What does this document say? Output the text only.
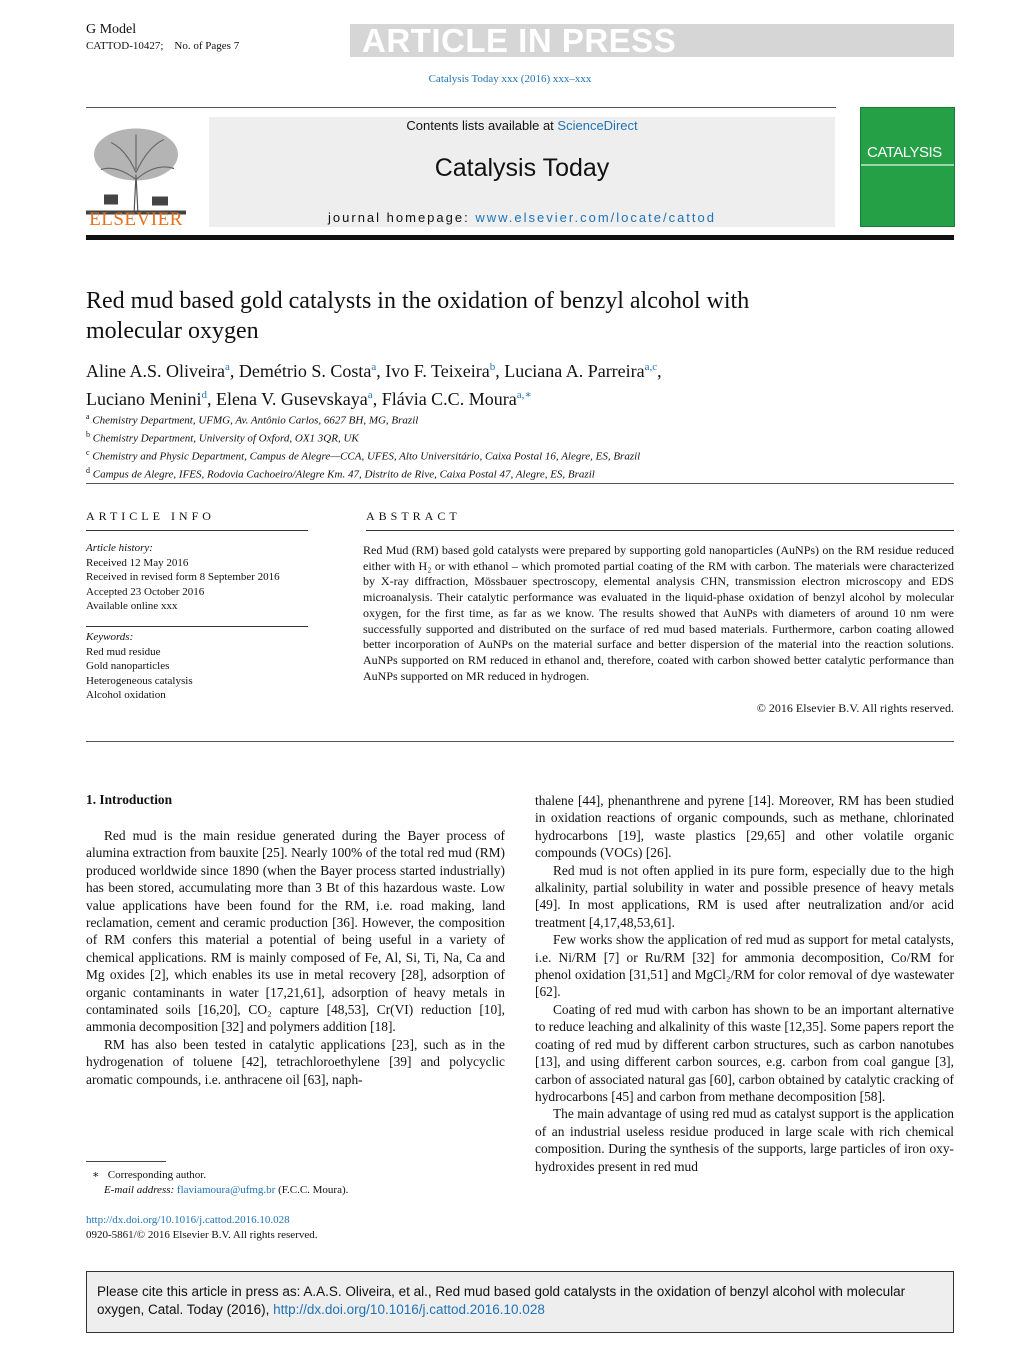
G Model
CATTOD-10427; No. of Pages 7	ARTICLE IN PRESS
Catalysis Today xxx (2016) xxx–xxx
ELSEVIER
Contents lists available at ScienceDirect
Catalysis Today
journal homepage: www.elsevier.com/locate/cattod
CATALYSIS
Red mud based gold catalysts in the oxidation of benzyl alcohol with molecular oxygen
Aline A.S. Oliveira$^a$, Demétrio S. Costa$^a$, Ivo F. Teixeira$^b$, Luciana A. Parreira$^{a,c}$,
Luciano Menini$^d$, Elena V. Gusevskaya$^a$, Flávia C.C. Moura$^{a,∗}$
$^a$ Chemistry Department, UFMG, Av. Antônio Carlos, 6627 BH, MG, Brazil
$^b$ Chemistry Department, University of Oxford, OX1 3QR, UK
$^c$ Chemistry and Physic Department, Campus de Alegre—CCA, UFES, Alto Universitário, Caixa Postal 16, Alegre, ES, Brazil
$^d$ Campus de Alegre, IFES, Rodovia Cachoeiro/Alegre Km. 47, Distrito de Rive, Caixa Postal 47, Alegre, ES, Brazil
ARTICLE INFO
Article history:
Received 12 May 2016
Received in revised form 8 September 2016
Accepted 23 October 2016
Available online xxx
Keywords:
Red mud residue
Gold nanoparticles
Heterogeneous catalysis
Alcohol oxidation
ABSTRACT
Red Mud (RM) based gold catalysts were prepared by supporting gold nanoparticles (AuNPs) on the RM residue reduced either with H₂ or with ethanol – which promoted partial coating of the RM with carbon. The materials were characterized by X-ray diffraction, Mössbauer spectroscopy, elemental analysis CHN, transmission electron microscopy and EDS microanalysis. Their catalytic performance was evaluated in the liquid-phase oxidation of benzyl alcohol by molecular oxygen, for the first time, as far as we know. The results showed that AuNPs with diameters of around 10 nm were successfully supported and distributed on the surface of red mud based materials. Furthermore, carbon coating allowed better incorporation of AuNPs on the material surface and better dispersion of the material into the reaction solutions. AuNPs supported on RM reduced in ethanol and, therefore, coated with carbon showed better catalytic performance than AuNPs supported on MR reduced in hydrogen.
© 2016 Elsevier B.V. All rights reserved.
1. Introduction

Red mud is the main residue generated during the Bayer process of alumina extraction from bauxite [25]. Nearly 100% of the total red mud (RM) produced worldwide since 1890 (when the Bayer process started industrially) has been stored, accumulating more than 3 Bt of this hazardous waste. Low value applications have been found for the RM, i.e. road making, land reclamation, cement and ceramic production [36]. However, the composition of RM confers this material a potential of being useful in a variety of chemical applications. RM is mainly composed of Fe, Al, Si, Ti, Na, Ca and Mg oxides [2], which enables its use in metal recovery [28], adsorption of organic contaminants in water [17,21,61], adsorption of heavy metals in contaminated soils [16,20], CO₂ capture [48,53], Cr(VI) reduction [10], ammonia decomposition [32] and polymers addition [18].

RM has also been tested in catalytic applications [23], such as in the hydrogenation of toluene [42], tetrachloroethylene [39] and polycyclic aromatic compounds, i.e. anthracene oil [63], naph-

thalene [44], phenanthrene and pyrene [14]. Moreover, RM has been studied in oxidation reactions of organic compounds, such as methane, chlorinated hydrocarbons [19], waste plastics [29,65] and other volatile organic compounds (VOCs) [26].

Red mud is not often applied in its pure form, especially due to the high alkalinity, partial solubility in water and possible presence of heavy metals [49]. In most applications, RM is used after neutralization and/or acid treatment [4,17,48,53,61].

Few works show the application of red mud as support for metal catalysts, i.e. Ni/RM [7] or Ru/RM [32] for ammonia decomposition, Co/RM for phenol oxidation [31,51] and MgCl₂/RM for color removal of dye wastewater [62].

Coating of red mud with carbon has shown to be an important alternative to reduce leaching and alkalinity of this waste [12,35]. Some papers report the coating of red mud by different carbon structures, such as carbon nanotubes [13], and using different carbon sources, e.g. carbon from coal gangue [3], carbon of associated natural gas [60], carbon obtained by catalytic cracking of hydrocarbons [45] and carbon from methane decomposition [58].

The main advantage of using red mud as catalyst support is the application of an industrial useless residue produced in large scale with rich chemical composition. During the synthesis of the supports, large particles of iron oxy-hydroxides present in red mud

∗ Corresponding author.
E-mail address: flaviamoura@ufmg.br (F.C.C. Moura).
http://dx.doi.org/10.1016/j.cattod.2016.10.028
0920-5861/© 2016 Elsevier B.V. All rights reserved.
Please cite this article in press as: A.A.S. Oliveira, et al., Red mud based gold catalysts in the oxidation of benzyl alcohol with molecular oxygen, Catal. Today (2016), http://dx.doi.org/10.1016/j.cattod.2016.10.028
